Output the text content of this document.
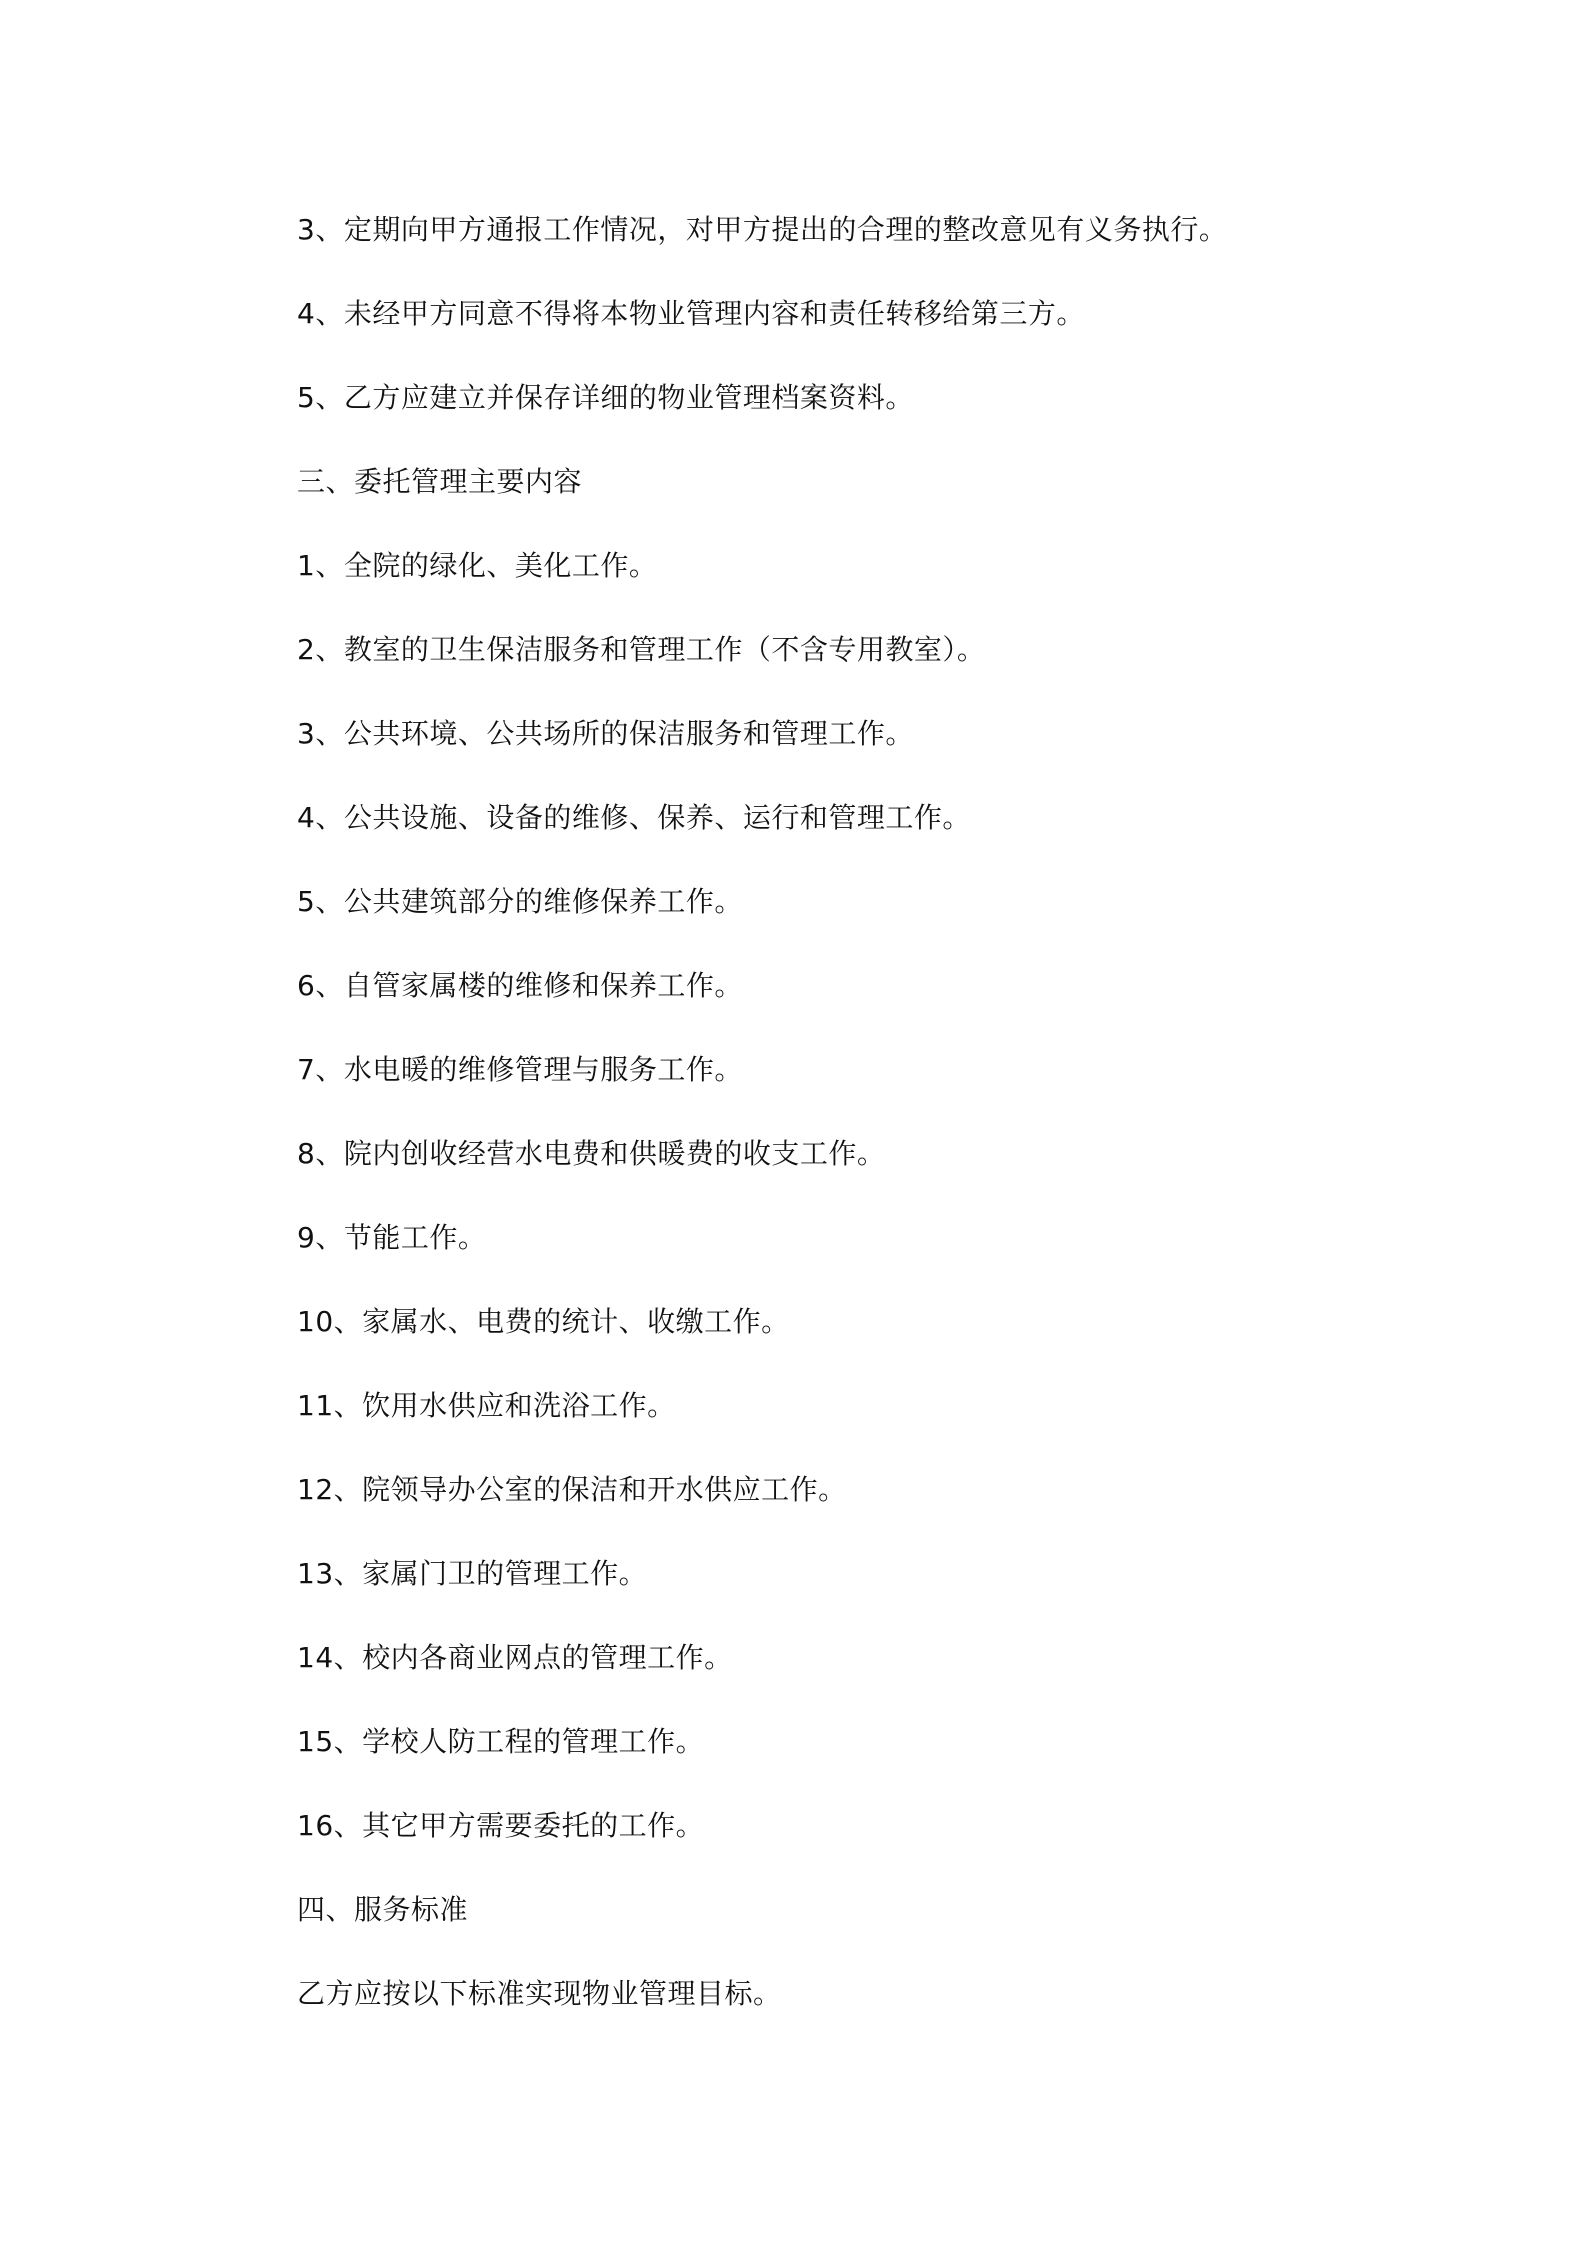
3、定期向甲方通报工作情况，对甲方提出的合理的整改意见有义务执行。

4、未经甲方同意不得将本物业管理内容和责任转移给第三方。

5、乙方应建立并保存详细的物业管理档案资料。

三、委托管理主要内容

1、全院的绿化、美化工作。

2、教室的卫生保洁服务和管理工作（不含专用教室）。

3、公共环境、公共场所的保洁服务和管理工作。

4、公共设施、设备的维修、保养、运行和管理工作。

5、公共建筑部分的维修保养工作。

6、自管家属楼的维修和保养工作。

7、水电暖的维修管理与服务工作。

8、院内创收经营水电费和供暖费的收支工作。

9、节能工作。

10、家属水、电费的统计、收缴工作。

11、饮用水供应和洗浴工作。

12、院领导办公室的保洁和开水供应工作。

13、家属门卫的管理工作。

14、校内各商业网点的管理工作。

15、学校人防工程的管理工作。

16、其它甲方需要委托的工作。

四、服务标准

乙方应按以下标准实现物业管理目标。
